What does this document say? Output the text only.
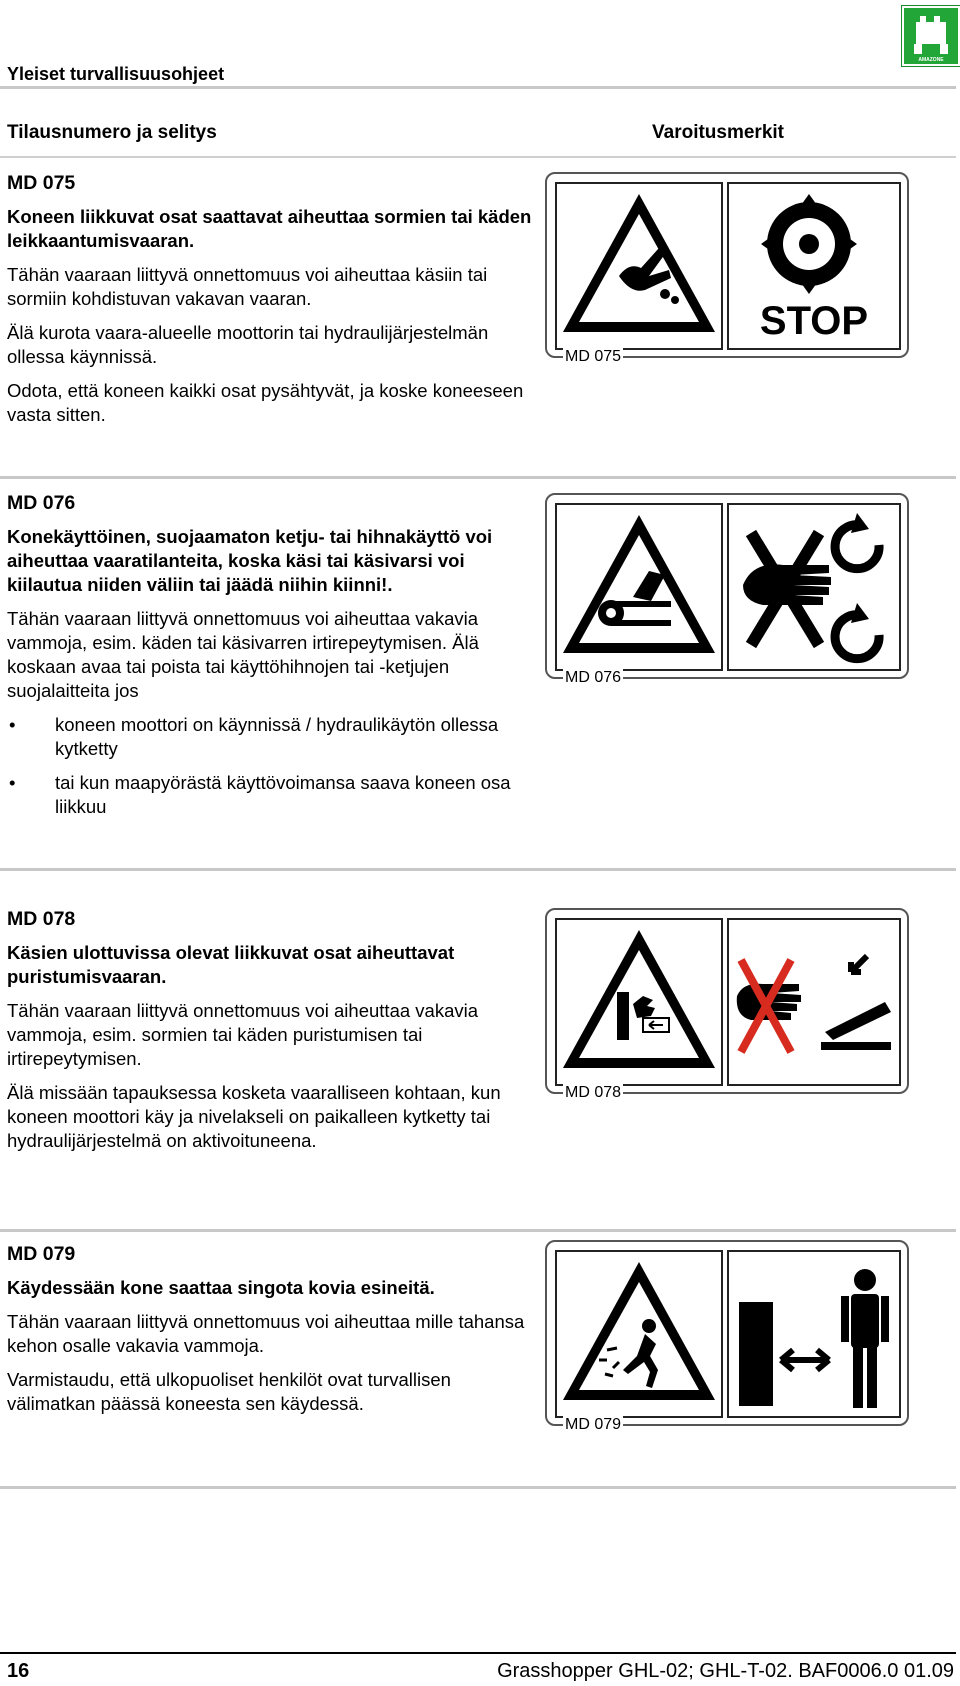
AMAZONE
Yleiset turvallisuusohjeet
Tilausnumero ja selitys	Varoitusmerkit
MD 075
Koneen liikkuvat osat saattavat aiheuttaa sormien tai käden leikkaantumisvaaran.

Tähän vaaraan liittyvä onnettomuus voi aiheuttaa käsiin tai sormiin kohdistuvan vakavan vaaran.

Älä kurota vaara-alueelle moottorin tai hydraulijärjestelmän ollessa käynnissä.

Odota, että koneen kaikki osat pysähtyvät, ja koske koneeseen vasta sitten.

STOP
MD 075
MD 076
Konekäyttöinen, suojaamaton ketju- tai hihnakäyttö voi aiheuttaa vaaratilanteita, koska käsi tai käsivarsi voi kiilautua niiden väliin tai jäädä niihin kiinni!.

Tähän vaaraan liittyvä onnettomuus voi aiheuttaa vakavia vammoja, esim. käden tai käsivarren irtirepeytymisen. Älä koskaan avaa tai poista tai käyttöhihnojen tai -ketjujen suojalaitteita jos

• koneen moottori on käynnissä / hydraulikäytön ollessa kytketty
• tai kun maapyörästä käyttövoimansa saava koneen osa liikkuu
MD 076
MD 078
Käsien ulottuvissa olevat liikkuvat osat aiheuttavat puristumisvaaran.

Tähän vaaraan liittyvä onnettomuus voi aiheuttaa vakavia vammoja, esim. sormien tai käden puristumisen tai irtirepeytymisen.

Älä missään tapauksessa kosketa vaaralliseen kohtaan, kun koneen moottori käy ja nivelakseli on paikalleen kytketty tai hydraulijärjestelmä on aktivoituneena.

MD 078
MD 079
Käydessään kone saattaa singota kovia esineitä.

Tähän vaaraan liittyvä onnettomuus voi aiheuttaa mille tahansa kehon osalle vakavia vammoja.

Varmistaudu, että ulkopuoliset henkilöt ovat turvallisen välimatkan päässä koneesta sen käydessä.

MD 079
16	Grasshopper GHL-02; GHL-T-02. BAF0006.0 01.09
